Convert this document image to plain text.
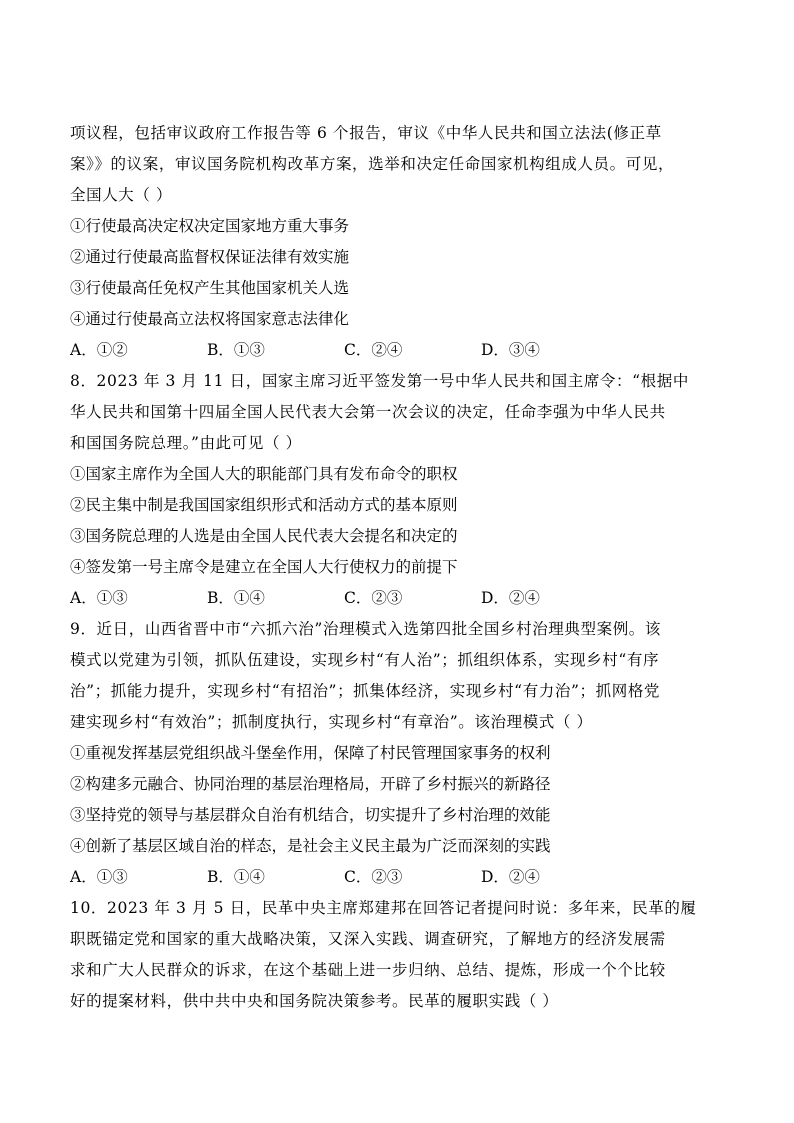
项议程，包括审议政府工作报告等 6 个报告，审议《中华人民共和国立法法(修正草
案》》的议案，审议国务院机构改革方案，选举和决定任命国家机构组成人员。可见，
全国人大（ ）
①行使最高决定权决定国家地方重大事务
②通过行使最高监督权保证法律有效实施
③行使最高任免权产生其他国家机关人选
④通过行使最高立法权将国家意志法律化
A．①②	B．①③	C．②④	D．③④
8．2023 年 3 月 11 日，国家主席习近平签发第一号中华人民共和国主席令：“根据中
华人民共和国第十四届全国人民代表大会第一次会议的决定，任命李强为中华人民共
和国国务院总理。”由此可见（ ）
①国家主席作为全国人大的职能部门具有发布命令的职权
②民主集中制是我国国家组织形式和活动方式的基本原则
③国务院总理的人选是由全国人民代表大会提名和决定的
④签发第一号主席令是建立在全国人大行使权力的前提下
A．①③	B．①④	C．②③	D．②④
9．近日，山西省晋中市“六抓六治”治理模式入选第四批全国乡村治理典型案例。该
模式以党建为引领，抓队伍建设，实现乡村“有人治”；抓组织体系，实现乡村“有序
治”；抓能力提升，实现乡村“有招治”；抓集体经济，实现乡村“有力治”；抓网格党
建实现乡村“有效治”；抓制度执行，实现乡村“有章治”。该治理模式（ ）
①重视发挥基层党组织战斗堡垒作用，保障了村民管理国家事务的权利
②构建多元融合、协同治理的基层治理格局，开辟了乡村振兴的新路径
③坚持党的领导与基层群众自治有机结合，切实提升了乡村治理的效能
④创新了基层区域自治的样态，是社会主义民主最为广泛而深刻的实践
A．①③	B．①④	C．②③	D．②④
10．2023 年 3 月 5 日，民革中央主席郑建邦在回答记者提问时说：多年来，民革的履
职既锚定党和国家的重大战略决策，又深入实践、调查研究，了解地方的经济发展需
求和广大人民群众的诉求，在这个基础上进一步归纳、总结、提炼，形成一个个比较
好的提案材料，供中共中央和国务院决策参考。民革的履职实践（ ）
